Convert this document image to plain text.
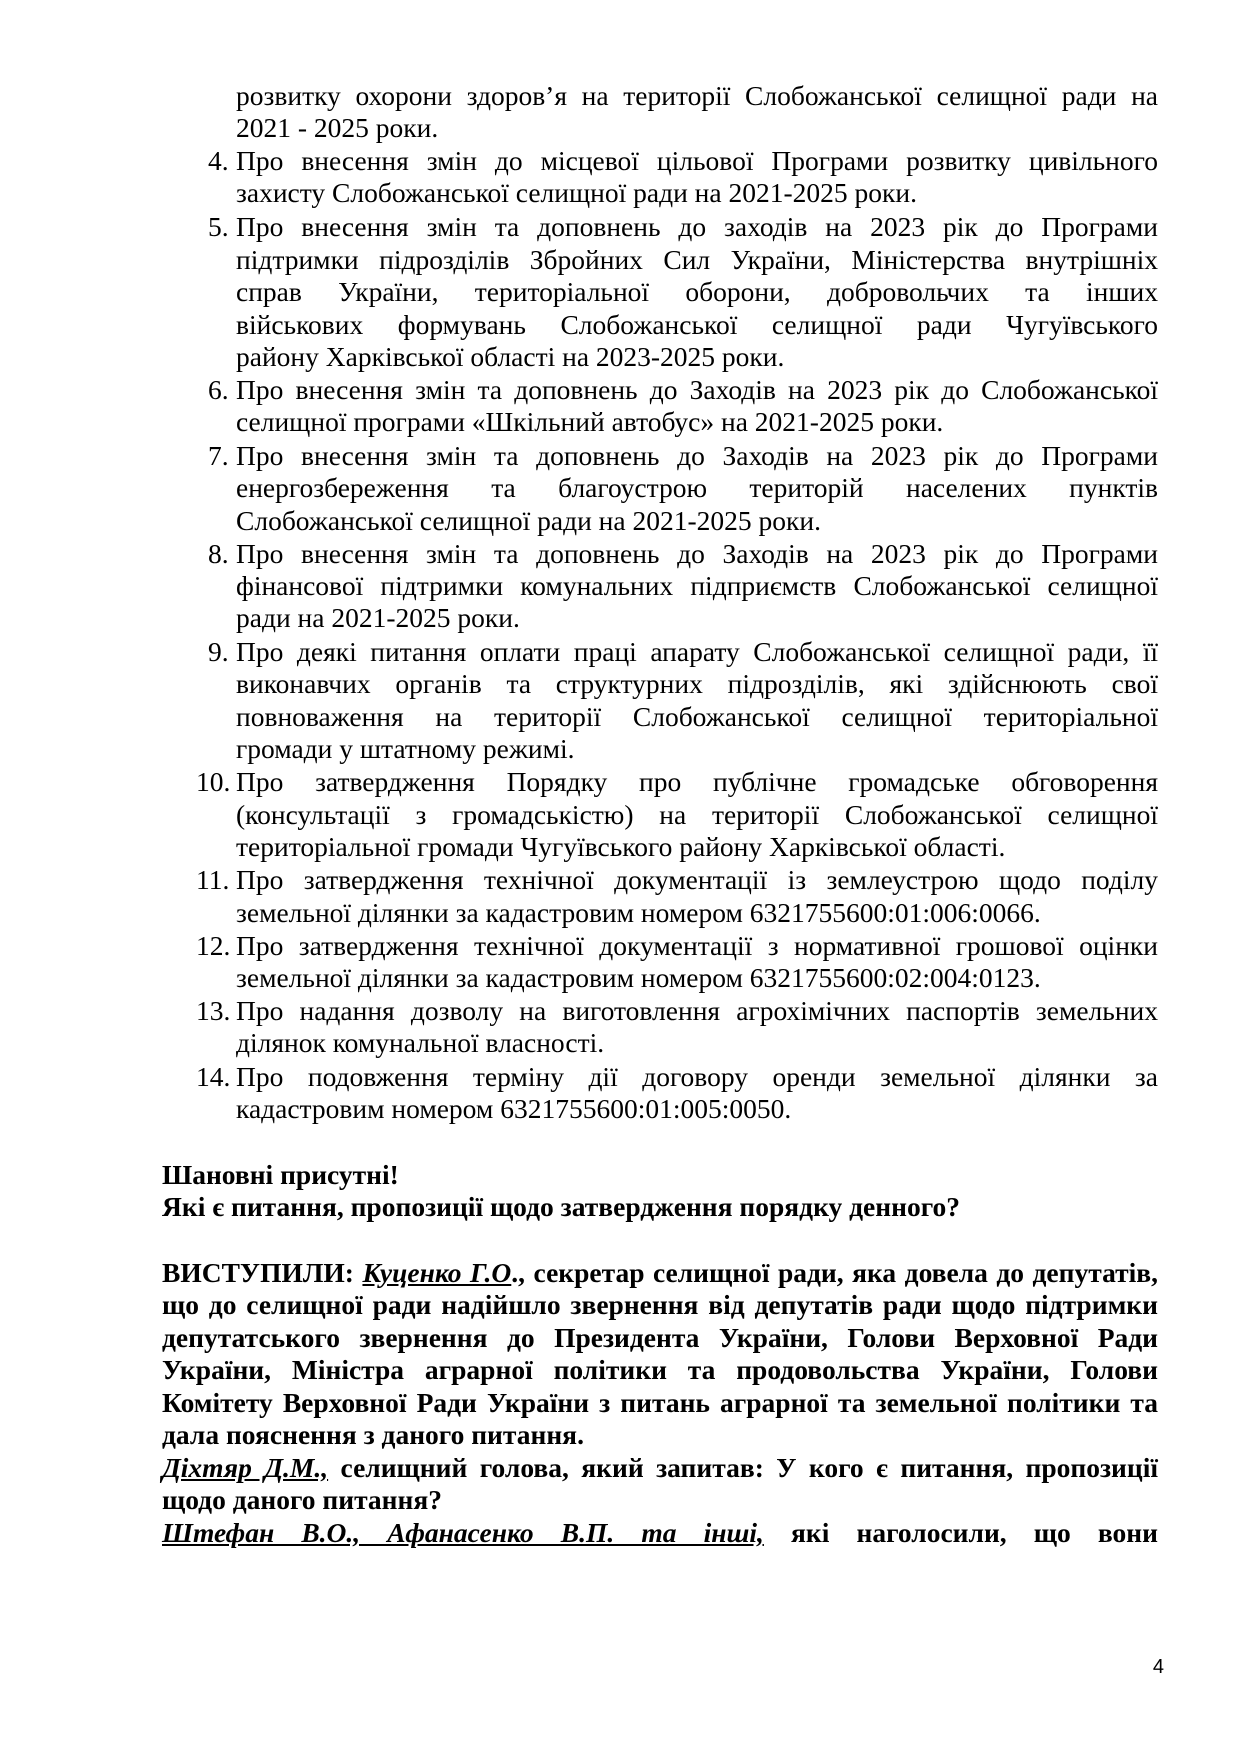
розвитку охорони здоров’я на території Слобожанської селищної ради на
2021 - 2025 роки.
4. Про внесення змін до місцевої цільової Програми розвитку цивільного
захисту Слобожанської селищної ради на 2021-2025 роки.
5. Про внесення змін та доповнень до заходів на 2023 рік до Програми
підтримки підрозділів Збройних Сил України, Міністерства внутрішніх
справ України, територіальної оборони, добровольчих та інших
військових формувань Слобожанської селищної ради Чугуївського
району Харківської області на 2023-2025 роки.
6. Про внесення змін та доповнень до Заходів на 2023 рік до Слобожанської
селищної програми «Шкільний автобус» на 2021-2025 роки.
7. Про внесення змін та доповнень до Заходів на 2023 рік до Програми
енергозбереження та благоустрою територій населених пунктів
Слобожанської селищної ради на 2021-2025 роки.
8. Про внесення змін та доповнень до Заходів на 2023 рік до Програми
фінансової підтримки комунальних підприємств Слобожанської селищної
ради на 2021-2025 роки.
9. Про деякі питання оплати праці апарату Слобожанської селищної ради, її
виконавчих органів та структурних підрозділів, які здійснюють свої
повноваження на території Слобожанської селищної територіальної
громади у штатному режимі.
10. Про затвердження Порядку про публічне громадське обговорення
(консультації з громадськістю) на території Слобожанської селищної
територіальної громади Чугуївського району Харківської області.
11. Про затвердження технічної документації із землеустрою щодо поділу
земельної ділянки за кадастровим номером 6321755600:01:006:0066.
12. Про затвердження технічної документації з нормативної грошової оцінки
земельної ділянки за кадастровим номером 6321755600:02:004:0123.
13. Про надання дозволу на виготовлення агрохімічних паспортів земельних
ділянок комунальної власності.
14. Про подовження терміну дії договору оренди земельної ділянки за
кадастровим номером 6321755600:01:005:0050.
Шановні присутні!
Які є питання, пропозиції щодо затвердження порядку денного?
ВИСТУПИЛИ: Куценко Г.О., секретар селищної ради, яка довела до депутатів,
що до селищної ради надійшло звернення від депутатів ради щодо підтримки
депутатського звернення до Президента України, Голови Верховної Ради
України, Міністра аграрної політики та продовольства України, Голови
Комітету Верховної Ради України з питань аграрної та земельної політики та
дала пояснення з даного питання.
Діхтяр Д.М., селищний голова, який запитав: У кого є питання, пропозиції
щодо даного питання?
Штефан В.О., Афанасенко В.П. та інші, які наголосили, що вони
4
